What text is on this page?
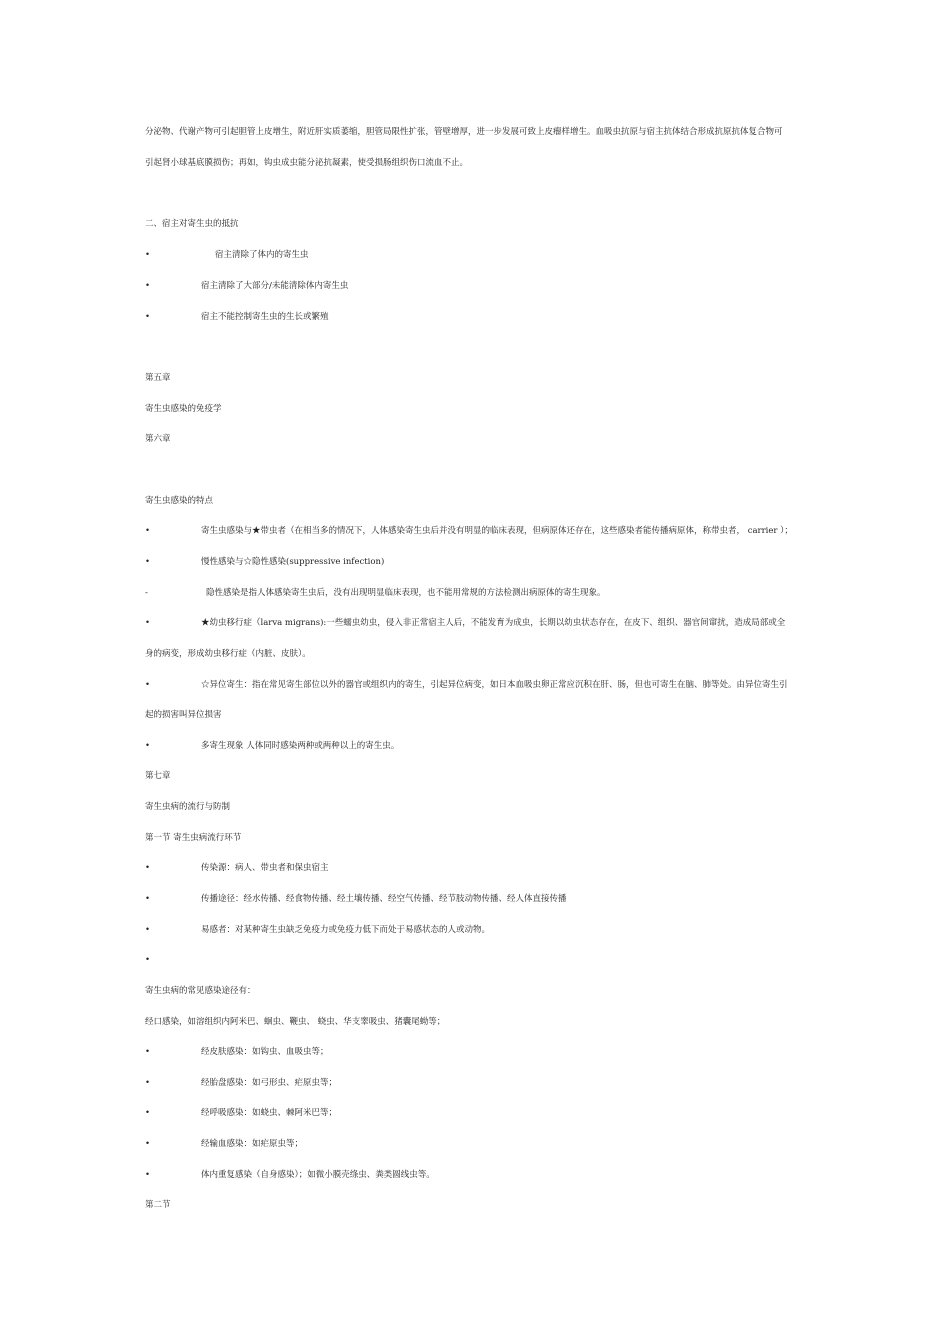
分泌物、代谢产物可引起胆管上皮增生，附近肝实质萎缩，胆管局限性扩张，管壁增厚，进一步发展可致上皮瘤样增生。血吸虫抗原与宿主抗体结合形成抗原抗体复合物可
引起肾小球基底膜损伤；再如，钩虫成虫能分泌抗凝素，使受损肠组织伤口流血不止。
二、宿主对寄生虫的抵抗
•	宿主清除了体内的寄生虫
•	宿主清除了大部分/未能清除体内寄生虫
•	宿主不能控制寄生虫的生长或繁殖
第五章
寄生虫感染的免疫学
第六章
寄生虫感染的特点
•	寄生虫感染与★带虫者（在相当多的情况下，人体感染寄生虫后并没有明显的临床表现，但病原体还存在，这些感染者能传播病原体，称带虫者， carrier ）；
•	慢性感染与☆隐性感染(suppressive infection)
-	隐性感染是指人体感染寄生虫后，没有出现明显临床表现，也不能用常规的方法检测出病原体的寄生现象。
•	★幼虫移行症（larva migrans):一些蠕虫幼虫，侵入非正常宿主人后，不能发育为成虫，长期以幼虫状态存在，在皮下、组织、器官间窜扰，造成局部或全
身的病变，形成幼虫移行症（内脏、皮肤）。
•	☆异位寄生：指在常见寄生部位以外的器官或组织内的寄生，引起异位病变，如日本血吸虫卵正常应沉积在肝、肠，但也可寄生在脑、肺等处。由异位寄生引
起的损害叫异位损害
•	多寄生现象 人体同时感染两种或两种以上的寄生虫。
第七章
寄生虫病的流行与防制
第一节 寄生虫病流行环节
•	传染源：病人、带虫者和保虫宿主
•	传播途径：经水传播、经食物传播、经土壤传播、经空气传播、经节肢动物传播、经人体直接传播
•	易感者：对某种寄生虫缺乏免疫力或免疫力低下而处于易感状态的人或动物。
•
寄生虫病的常见感染途径有：
经口感染，如溶组织内阿米巴、蛔虫、鞭虫、 蛲虫、华支睾吸虫、猪囊尾蚴等；
•	经皮肤感染：如钩虫、血吸虫等；
•	经胎盘感染：如弓形虫、疟原虫等；
•	经呼吸感染：如蛲虫、棘阿米巴等；
•	经输血感染：如疟原虫等；
•	体内重复感染（自身感染）；如微小膜壳绦虫、粪类圆线虫等。
第二节
